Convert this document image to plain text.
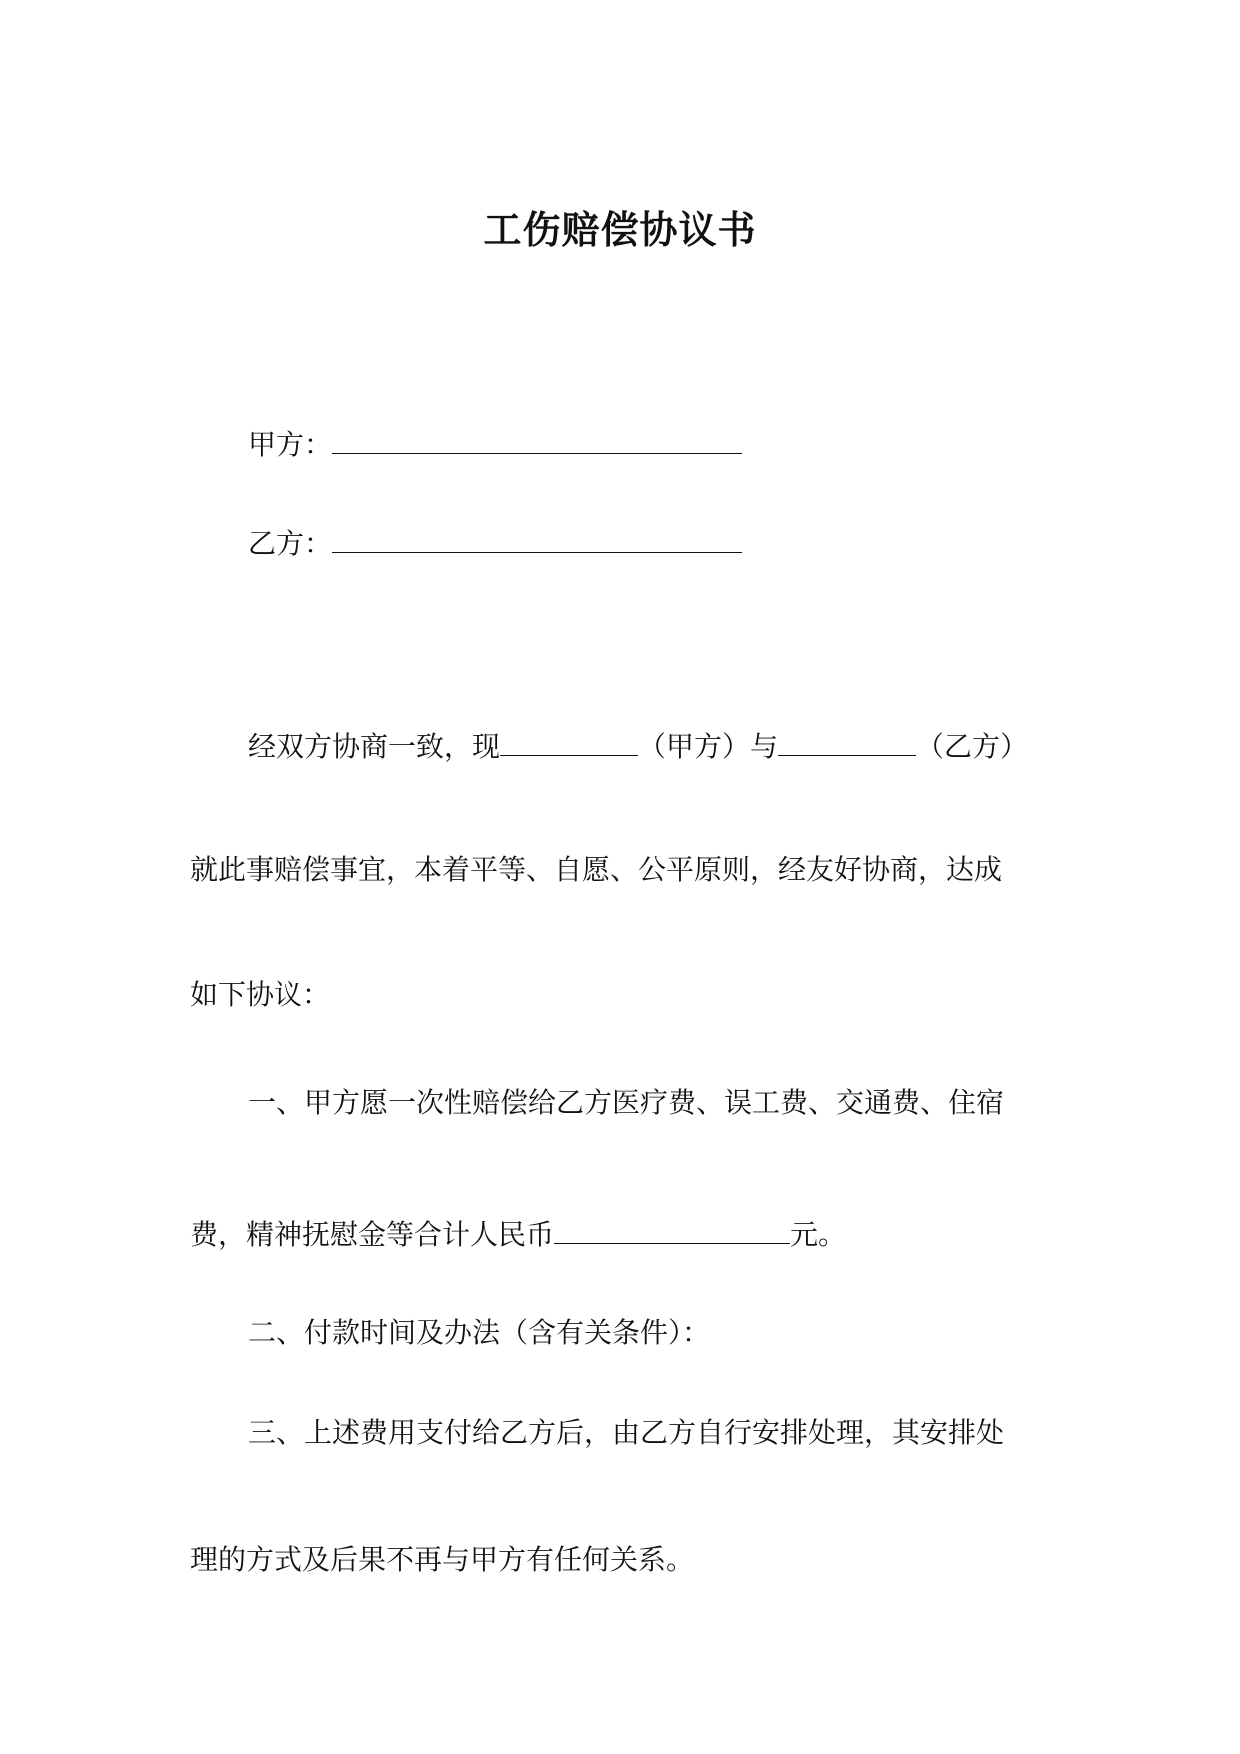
工伤赔偿协议书
甲方：
乙方：
经双方协商一致，现	（甲方）与	（乙方）
就此事赔偿事宜，本着平等、自愿、公平原则，经友好协商，达成
如下协议：
一、甲方愿一次性赔偿给乙方医疗费、误工费、交通费、住宿
费，精神抚慰金等合计人民币	元。
二、付款时间及办法（含有关条件）：
三、上述费用支付给乙方后，由乙方自行安排处理，其安排处
理的方式及后果不再与甲方有任何关系。
